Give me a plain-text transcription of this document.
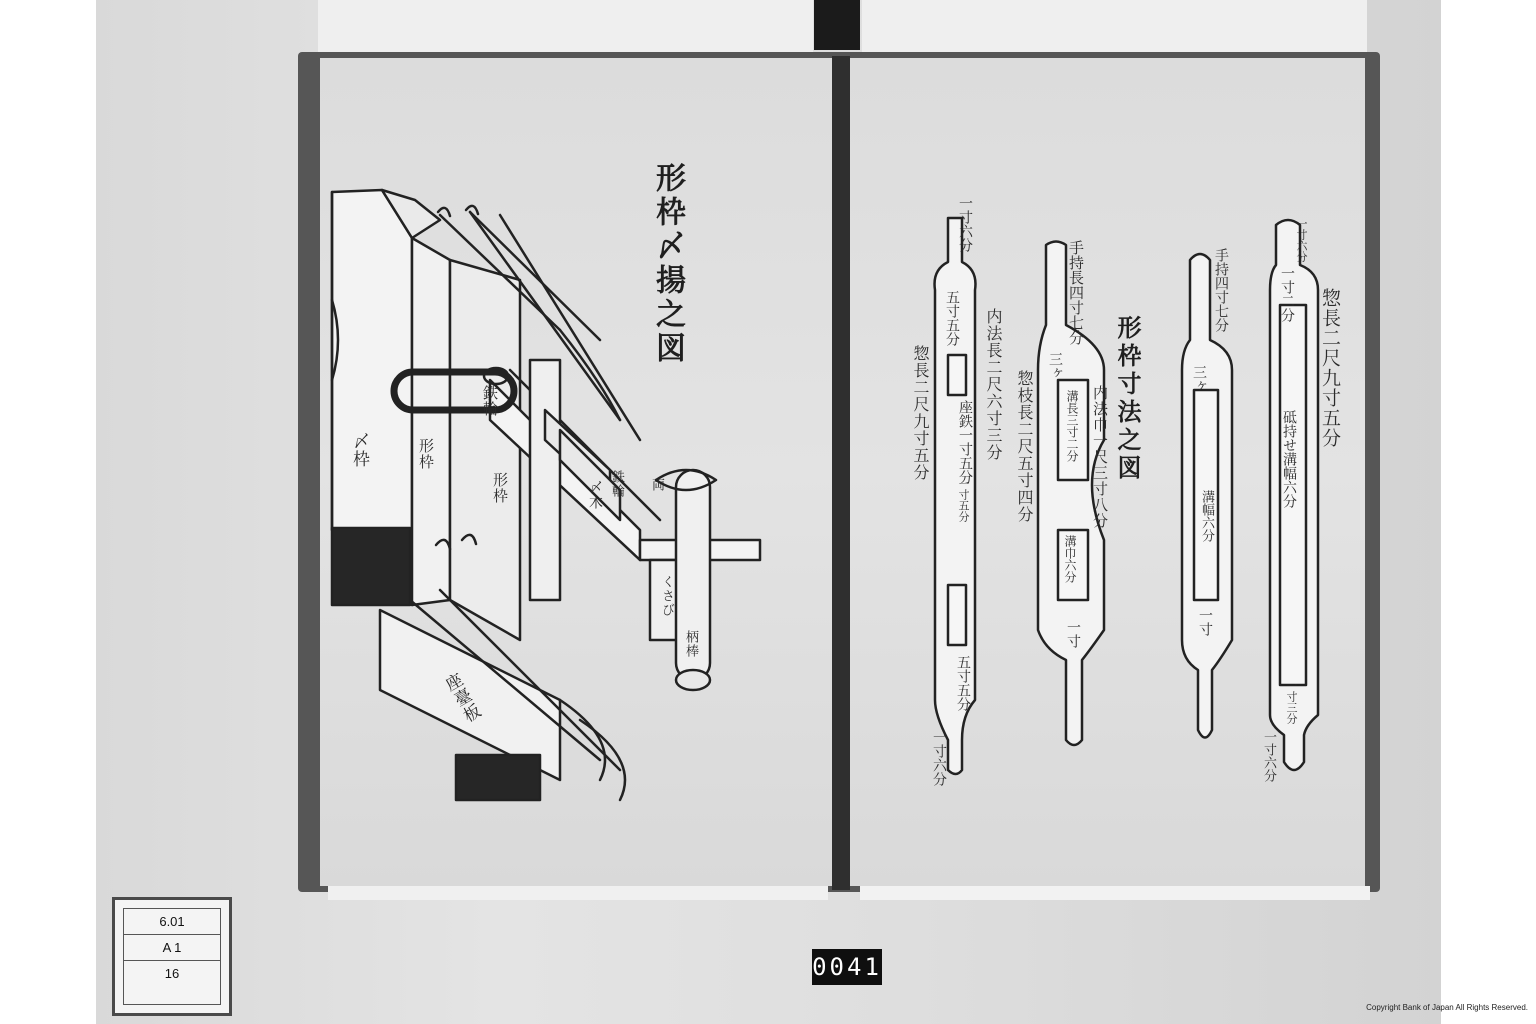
形枠〆揚之図
〆枠	形枠
鉄輪
形枠	〆木 鉄輪 両
くさび
柄棒
座臺板
形枠寸法之図
一寸六分
五寸五分
惣長二尺九寸五分	内法長二尺六寸三分
座鉄一寸五分
一寸五分
五寸五分
一寸六分
手持長四寸七分
三ヶ
溝長三寸二分 内法巾一尺三寸八分
惣枝長二尺五寸四分
溝巾六分
一寸
手持四寸七分
三ヶ
溝幅六分
一寸
一寸六分
一寸二分 惣長二尺九寸五分
砥持せ溝幅六分
一寸三分
一寸六分
6.01
A 1
16	0041
Copyright Bank of Japan All Rights Reserved.
